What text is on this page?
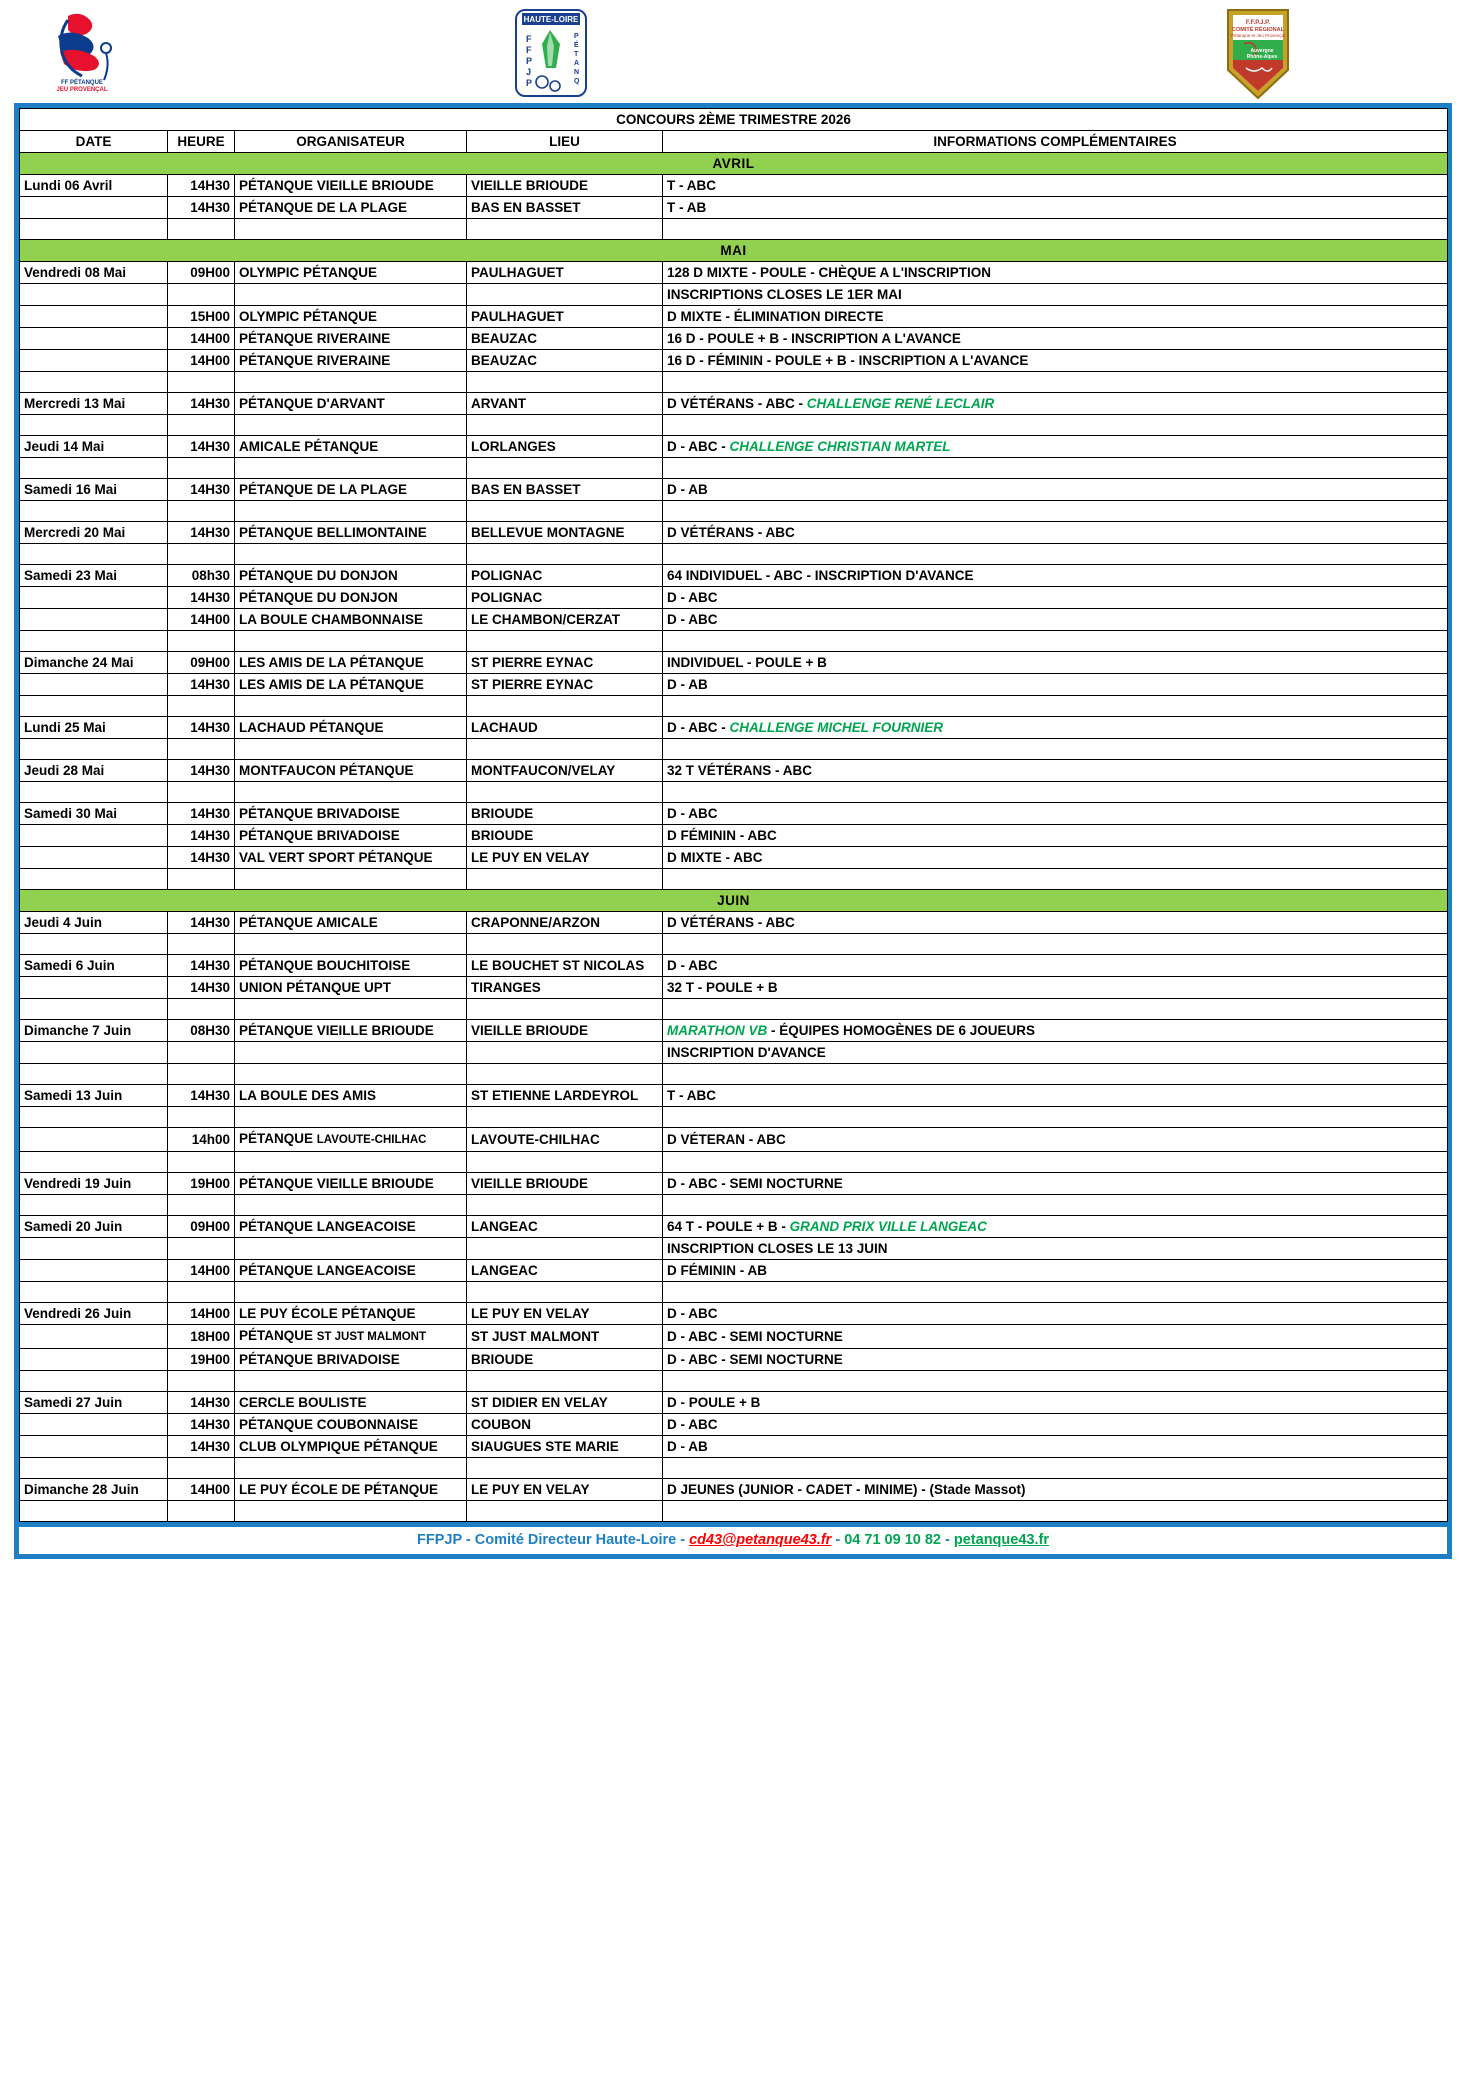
FF PÉTANQUE
JEU PROVENÇAL
HAUTE-LOIRE
F
F
P
J
P
P
É
T
A
N
Q
F.F.P.J.P.
COMITÉ RÉGIONAL
Pétanque et Jeu Provençal
Auvergne
Rhône-Alpes
CONCOURS 2ÈME TRIMESTRE 2026				
DATE	HEURE	ORGANISATEUR	LIEU	INFORMATIONS COMPLÉMENTAIRES
AVRIL				
Lundi 06 Avril	14H30	PÉTANQUE VIEILLE BRIOUDE	VIEILLE BRIOUDE	T - ABC
	14H30	PÉTANQUE DE LA PLAGE	BAS EN BASSET	T - AB

MAI				
Vendredi 08 Mai	09H00	OLYMPIC PÉTANQUE	PAULHAGUET	128 D MIXTE - POULE - CHÈQUE A L'INSCRIPTION
				INSCRIPTIONS CLOSES LE 1ER MAI
	15H00	OLYMPIC PÉTANQUE	PAULHAGUET	D MIXTE - ÉLIMINATION DIRECTE
	14H00	PÉTANQUE RIVERAINE	BEAUZAC	16 D - POULE + B - INSCRIPTION A L'AVANCE
	14H00	PÉTANQUE RIVERAINE	BEAUZAC	16 D - FÉMININ - POULE + B - INSCRIPTION A L'AVANCE

Mercredi 13 Mai	14H30	PÉTANQUE D'ARVANT	ARVANT	D VÉTÉRANS - ABC - CHALLENGE RENÉ LECLAIR

Jeudi 14 Mai	14H30	AMICALE PÉTANQUE	LORLANGES	D - ABC - CHALLENGE CHRISTIAN MARTEL

Samedi 16 Mai	14H30	PÉTANQUE DE LA PLAGE	BAS EN BASSET	D - AB

Mercredi 20 Mai	14H30	PÉTANQUE BELLIMONTAINE	BELLEVUE MONTAGNE	D VÉTÉRANS - ABC

Samedi 23 Mai	08h30	PÉTANQUE DU DONJON	POLIGNAC	64 INDIVIDUEL - ABC - INSCRIPTION D'AVANCE
	14H30	PÉTANQUE DU DONJON	POLIGNAC	D - ABC
	14H00	LA BOULE CHAMBONNAISE	LE CHAMBON/CERZAT	D - ABC

Dimanche 24 Mai	09H00	LES AMIS DE LA PÉTANQUE	ST PIERRE EYNAC	INDIVIDUEL - POULE + B
	14H30	LES AMIS DE LA PÉTANQUE	ST PIERRE EYNAC	D - AB

Lundi 25 Mai	14H30	LACHAUD PÉTANQUE	LACHAUD	D - ABC - CHALLENGE MICHEL FOURNIER

Jeudi 28 Mai	14H30	MONTFAUCON PÉTANQUE	MONTFAUCON/VELAY	32 T VÉTÉRANS - ABC

Samedi 30 Mai	14H30	PÉTANQUE BRIVADOISE	BRIOUDE	D - ABC
	14H30	PÉTANQUE BRIVADOISE	BRIOUDE	D FÉMININ - ABC
	14H30	VAL VERT SPORT PÉTANQUE	LE PUY EN VELAY	D MIXTE - ABC

JUIN				
Jeudi 4 Juin	14H30	PÉTANQUE AMICALE	CRAPONNE/ARZON	D VÉTÉRANS - ABC

Samedi 6 Juin	14H30	PÉTANQUE BOUCHITOISE	LE BOUCHET ST NICOLAS	D - ABC
	14H30	UNION PÉTANQUE UPT	TIRANGES	32 T - POULE + B

Dimanche 7 Juin	08H30	PÉTANQUE VIEILLE BRIOUDE	VIEILLE BRIOUDE	MARATHON VB - ÉQUIPES HOMOGÈNES DE 6 JOUEURS
				INSCRIPTION D'AVANCE

Samedi 13 Juin	14H30	LA BOULE DES AMIS	ST ETIENNE LARDEYROL	T - ABC

	14h00	PÉTANQUE LAVOUTE-CHILHAC	LAVOUTE-CHILHAC	D VÉTERAN - ABC

Vendredi 19 Juin	19H00	PÉTANQUE VIEILLE BRIOUDE	VIEILLE BRIOUDE	D - ABC - SEMI NOCTURNE

Samedi 20 Juin	09H00	PÉTANQUE LANGEACOISE	LANGEAC	64 T - POULE + B - GRAND PRIX VILLE LANGEAC
				INSCRIPTION CLOSES LE 13 JUIN
	14H00	PÉTANQUE LANGEACOISE	LANGEAC	D FÉMININ - AB

Vendredi 26 Juin	14H00	LE PUY ÉCOLE PÉTANQUE	LE PUY EN VELAY	D - ABC
	18H00	PÉTANQUE ST JUST MALMONT	ST JUST MALMONT	D - ABC - SEMI NOCTURNE
	19H00	PÉTANQUE BRIVADOISE	BRIOUDE	D - ABC - SEMI NOCTURNE

Samedi 27 Juin	14H30	CERCLE BOULISTE	ST DIDIER EN VELAY	D - POULE + B
	14H30	PÉTANQUE COUBONNAISE	COUBON	D - ABC
	14H30	CLUB OLYMPIQUE PÉTANQUE	SIAUGUES STE MARIE	D - AB

Dimanche 28 Juin	14H00	LE PUY ÉCOLE DE PÉTANQUE	LE PUY EN VELAY	D JEUNES (JUNIOR - CADET - MINIME) - (Stade Massot)

FFPJP - Comité Directeur Haute-Loire - cd43@petanque43.fr - 04 71 09 10 82 - petanque43.fr
